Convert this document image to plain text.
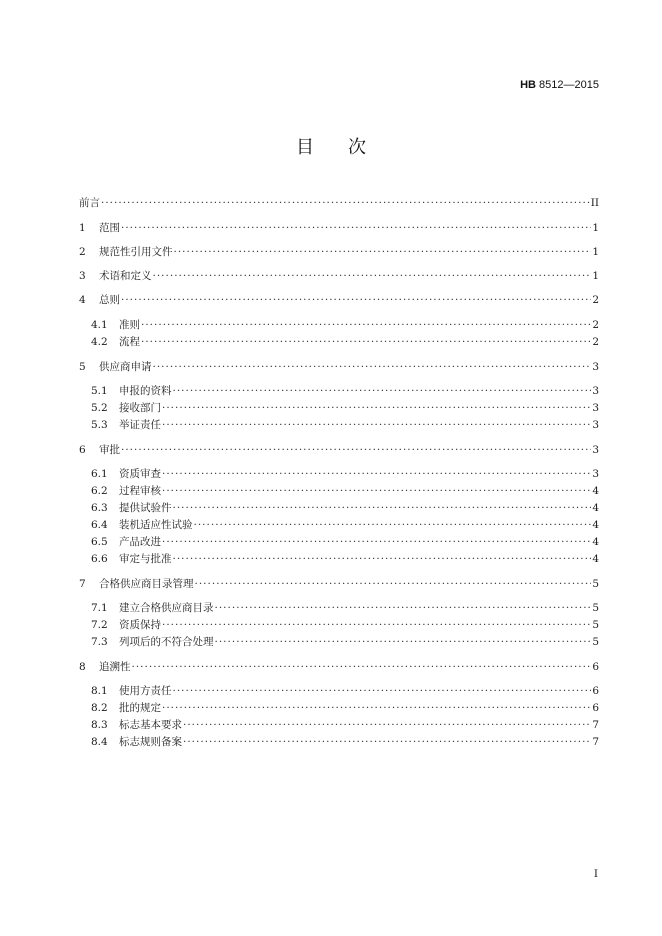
HB 8512—2015
目次
前言 ·····	II
1	范围 ·····	1
2	规范性引用文件 ·····	1
3	术语和定义 ·····	1
4	总则 ·····	2
4.1	准则 ·····	2
4.2	流程 ·····	2
5	供应商申请 ·····	3
5.1	申报的资料 ·····	3
5.2	接收部门 ·····	3
5.3	举证责任 ·····	3
6	审批 ·····	3
6.1	资质审查 ·····	3
6.2	过程审核 ·····	4
6.3	提供试验件 ·····	4
6.4	装机适应性试验 ·····	4
6.5	产品改进 ·····	4
6.6	审定与批准 ·····	4
7	合格供应商目录管理 ·····	5
7.1	建立合格供应商目录 ·····	5
7.2	资质保持 ·····	5
7.3	列项后的不符合处理 ·····	5
8	追溯性 ·····	6
8.1	使用方责任 ·····	6
8.2	批的规定 ·····	6
8.3	标志基本要求 ·····	7
8.4	标志规则备案 ·····	7
I
